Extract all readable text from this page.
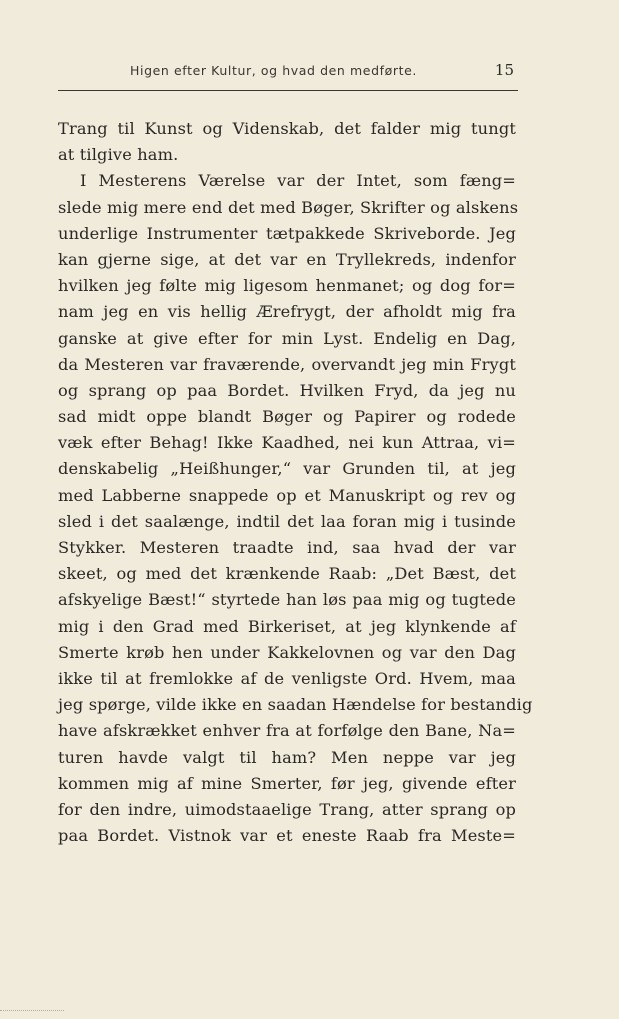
Higen efter Kultur, og hvad den medførte.	15
Trang til Kunst og Videnskab, det falder mig tungt
at tilgive ham.
I Mesterens Værelse var der Intet, som fæng=
slede mig mere end det med Bøger, Skrifter og alskens
underlige Instrumenter tætpakkede Skriveborde. Jeg
kan gjerne sige, at det var en Tryllekreds, indenfor
hvilken jeg følte mig ligesom henmanet; og dog for=
nam jeg en vis hellig Ærefrygt, der afholdt mig fra
ganske at give efter for min Lyst. Endelig en Dag,
da Mesteren var fraværende, overvandt jeg min Frygt
og sprang op paa Bordet. Hvilken Fryd, da jeg nu
sad midt oppe blandt Bøger og Papirer og rodede
væk efter Behag! Ikke Kaadhed, nei kun Attraa, vi=
denskabelig „Heißhunger,“ var Grunden til, at jeg
med Labberne snappede op et Manuskript og rev og
sled i det saalænge, indtil det laa foran mig i tusinde
Stykker. Mesteren traadte ind, saa hvad der var
skeet, og med det krænkende Raab: „Det Bæst, det
afskyelige Bæst!“ styrtede han løs paa mig og tugtede
mig i den Grad med Birkeriset, at jeg klynkende af
Smerte krøb hen under Kakkelovnen og var den Dag
ikke til at fremlokke af de venligste Ord. Hvem, maa
jeg spørge, vilde ikke en saadan Hændelse for bestandig
have afskrækket enhver fra at forfølge den Bane, Na=
turen havde valgt til ham? Men neppe var jeg
kommen mig af mine Smerter, før jeg, givende efter
for den indre, uimodstaaelige Trang, atter sprang op
paa Bordet. Vistnok var et eneste Raab fra Meste=
